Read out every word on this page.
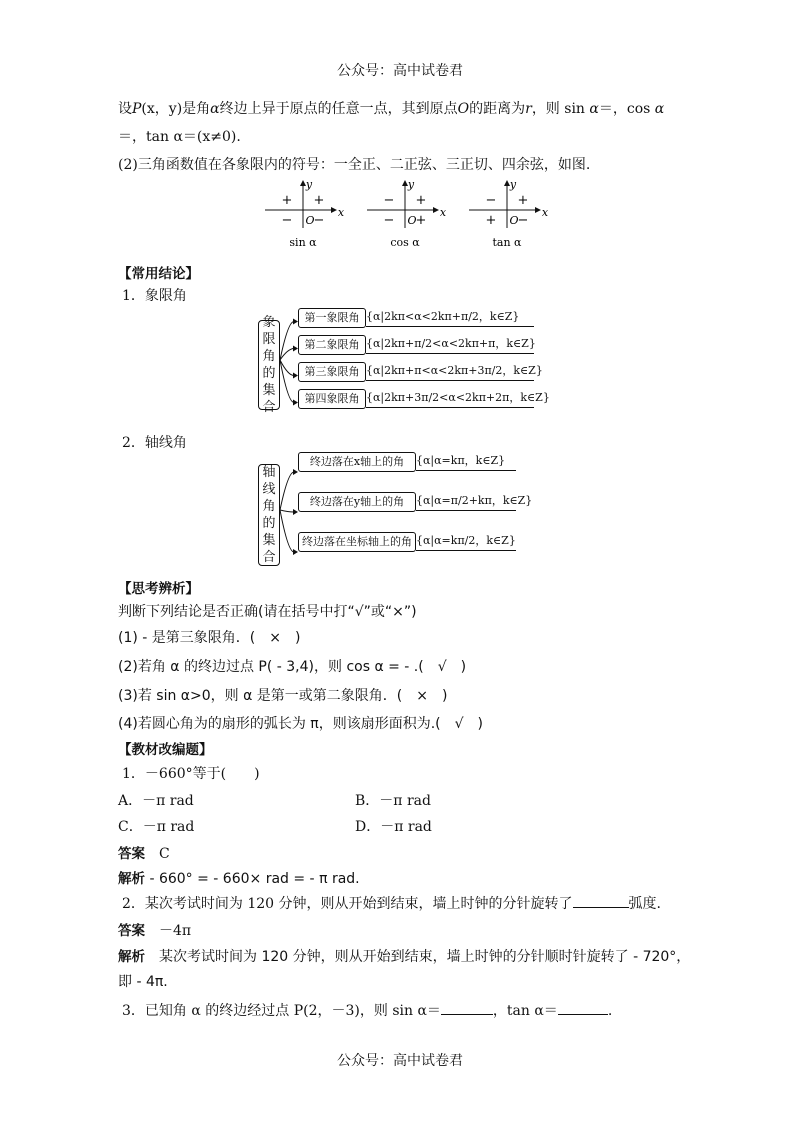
公众号：高中试卷君
公众号：高中试卷君
设P(x，y)是角α终边上异于原点的任意一点，其到原点O的距离为r，则 sin α＝，cos α
＝，tan α＝(x≠0).
(2)三角函数值在各象限内的符号：一全正、二正弦、三正切、四余弦，如图.
y
x
O
+
+
− −
sin α
y
x
O
+
−
− +
cos α
y
x
O
+
−
+ −
tan α
【常用结论】
1．象限角
象
限
角
的
集
合
第一象限角 {α|2kπ<α<2kπ+π/2，k∈Z}
第二象限角 {α|2kπ+π/2<α<2kπ+π，k∈Z}
第三象限角 {α|2kπ+π<α<2kπ+3π/2，k∈Z}
第四象限角 {α|2kπ+3π/2<α<2kπ+2π，k∈Z}
2．轴线角
轴
线
角
的
集
合
终边落在x轴上的角	{α|α=kπ，k∈Z}
终边落在y轴上的角	{α|α=π/2+kπ，k∈Z}
终边落在坐标轴上的角 {α|α=kπ/2，k∈Z}
【思考辨析】
判断下列结论是否正确(请在括号中打“√”或“×”)
(1) - 是第三象限角．(　×　)
(2)若角 α 的终边过点 P( - 3,4)，则 cos α = - .(　√　)
(3)若 sin α>0，则 α 是第一或第二象限角．(　×　)
(4)若圆心角为的扇形的弧长为 π，则该扇形面积为.(　√　)
【教材改编题】
1．－660°等于(　　)
A．－π rad	B．－π rad
C．－π rad	D．－π rad
答案　 C
解析 - 660° = - 660× rad = - π rad.
2．某次考试时间为 120 分钟，则从开始到结束，墙上时钟的分针旋转了	弧度.
答案　 －4π
解析　 某次考试时间为 120 分钟，则从开始到结束，墙上时钟的分针顺时针旋转了 - 720°，
即 - 4π.
3．已知角 α 的终边经过点 P(2，－3)，则 sin α＝	，tan α＝	.
